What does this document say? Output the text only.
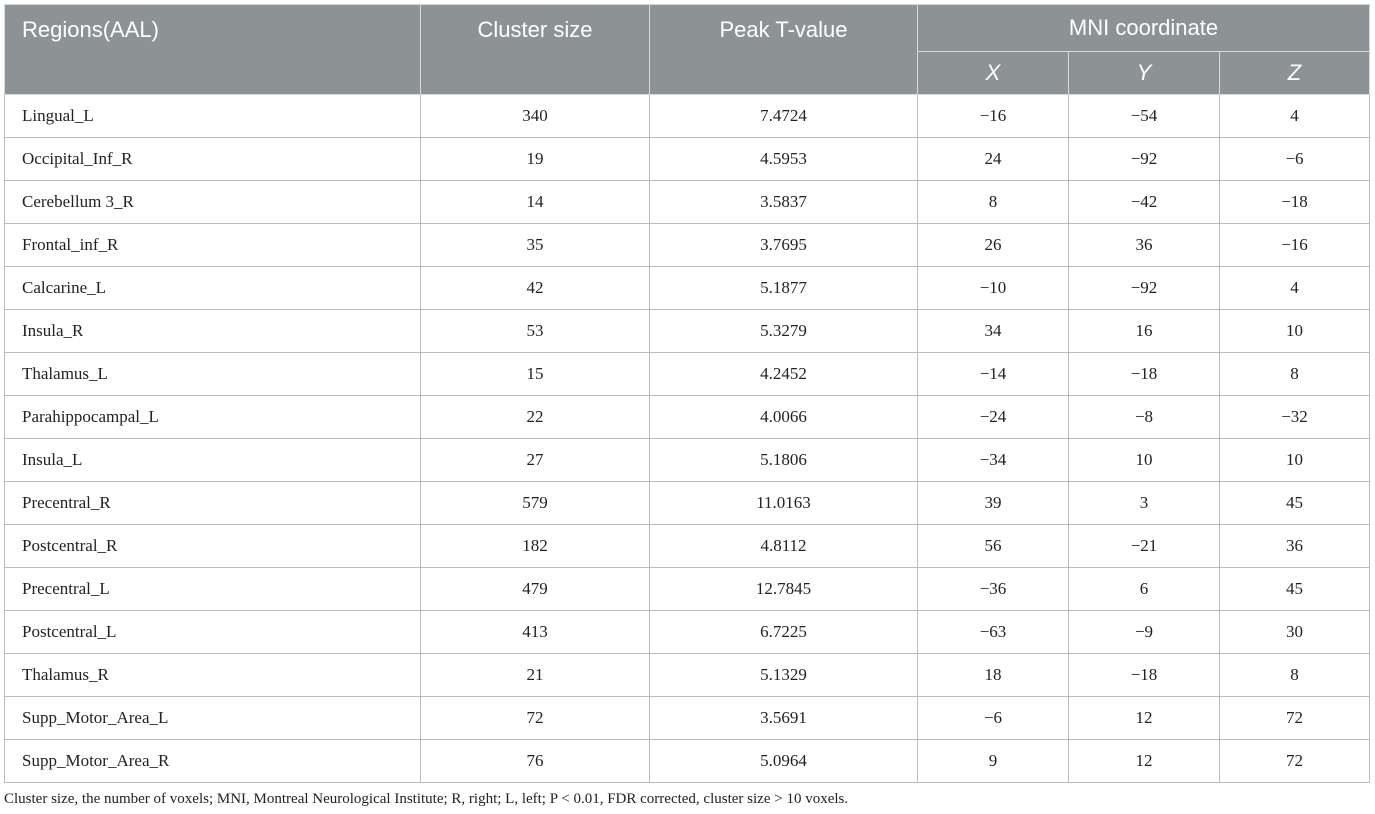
Regions(AAL)	Cluster size	Peak T-value	MNI coordinate		
			X	Y	Z
Lingual_L	340	7.4724	−16	−54	4
Occipital_Inf_R	19	4.5953	24	−92	−6
Cerebellum 3_R	14	3.5837	8	−42	−18
Frontal_inf_R	35	3.7695	26	36	−16
Calcarine_L	42	5.1877	−10	−92	4
Insula_R	53	5.3279	34	16	10
Thalamus_L	15	4.2452	−14	−18	8
Parahippocampal_L	22	4.0066	−24	−8	−32
Insula_L	27	5.1806	−34	10	10
Precentral_R	579	11.0163	39	3	45
Postcentral_R	182	4.8112	56	−21	36
Precentral_L	479	12.7845	−36	6	45
Postcentral_L	413	6.7225	−63	−9	30
Thalamus_R	21	5.1329	18	−18	8
Supp_Motor_Area_L	72	3.5691	−6	12	72
Supp_Motor_Area_R	76	5.0964	9	12	72
Cluster size, the number of voxels; MNI, Montreal Neurological Institute; R, right; L, left; P < 0.01, FDR corrected, cluster size > 10 voxels.
